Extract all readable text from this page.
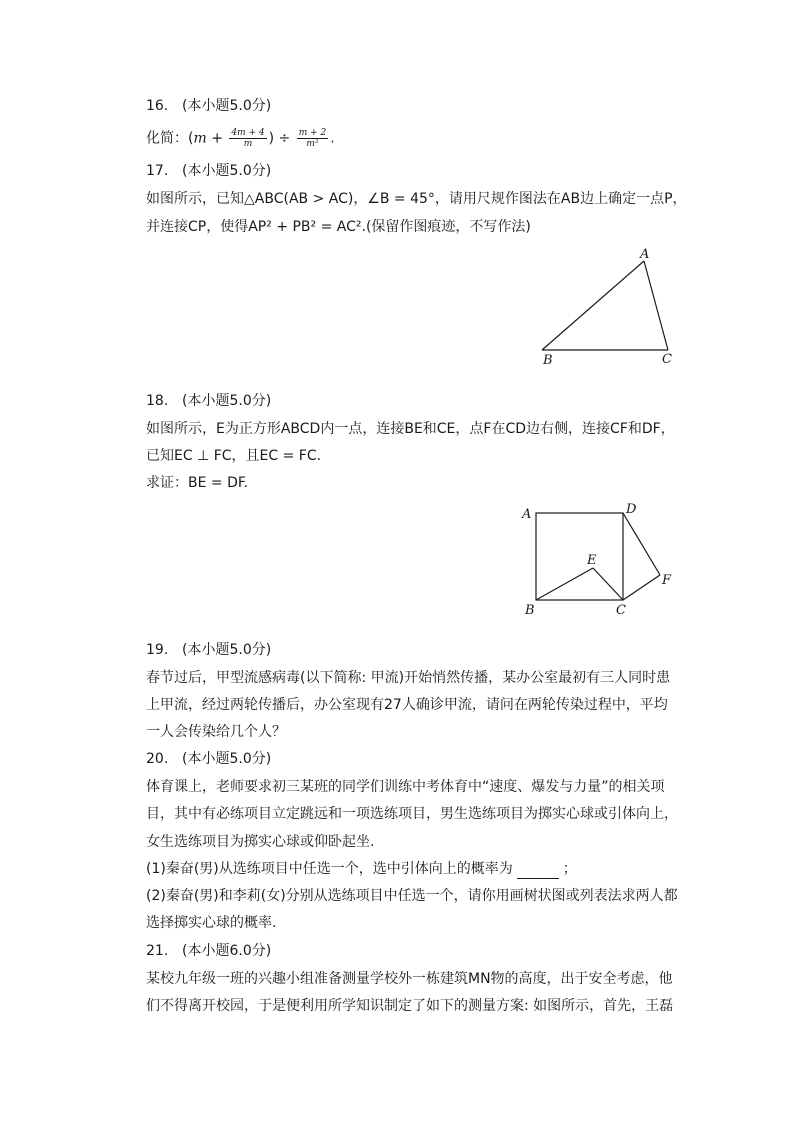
16. (本小题5.0分)
化简：($m + \frac{4m + 4}{m}$ ) ÷ $\frac{m + 2}{\text{m²}}$ .
17. (本小题5.0分)
如图所示，已知△ABC(AB > AC)，∠B = 45°，请用尺规作图法在AB边上确定一点P，
并连接CP，使得AP² + PB² = AC².(保留作图痕迹，不写作法)
A
B	C
18. (本小题5.0分)
如图所示，E为正方形ABCD内一点，连接BE和CE，点F在CD边右侧，连接CF和DF，
已知EC ⊥ FC，且EC = FC.
求证：BE = DF.
A	D
E
F
B	C
19. (本小题5.0分)
春节过后，甲型流感病毒(以下简称: 甲流)开始悄然传播，某办公室最初有三人同时患
上甲流，经过两轮传播后，办公室现有27人确诊甲流，请问在两轮传染过程中，平均
一人会传染给几个人？
20. (本小题5.0分)
体育课上，老师要求初三某班的同学们训练中考体育中“速度、爆发与力量”的相关项
目，其中有必练项目立定跳远和一项选练项目，男生选练项目为掷实心球或引体向上，
女生选练项目为掷实心球或仰卧起坐.
(1)秦奋(男)从选练项目中任选一个，选中引体向上的概率为	；
(2)秦奋(男)和李莉(女)分别从选练项目中任选一个，请你用画树状图或列表法求两人都
选择掷实心球的概率.
21. (本小题6.0分)
某校九年级一班的兴趣小组准备测量学校外一栋建筑MN物的高度，出于安全考虑，他
们不得离开校园，于是便利用所学知识制定了如下的测量方案: 如图所示，首先，王磊
